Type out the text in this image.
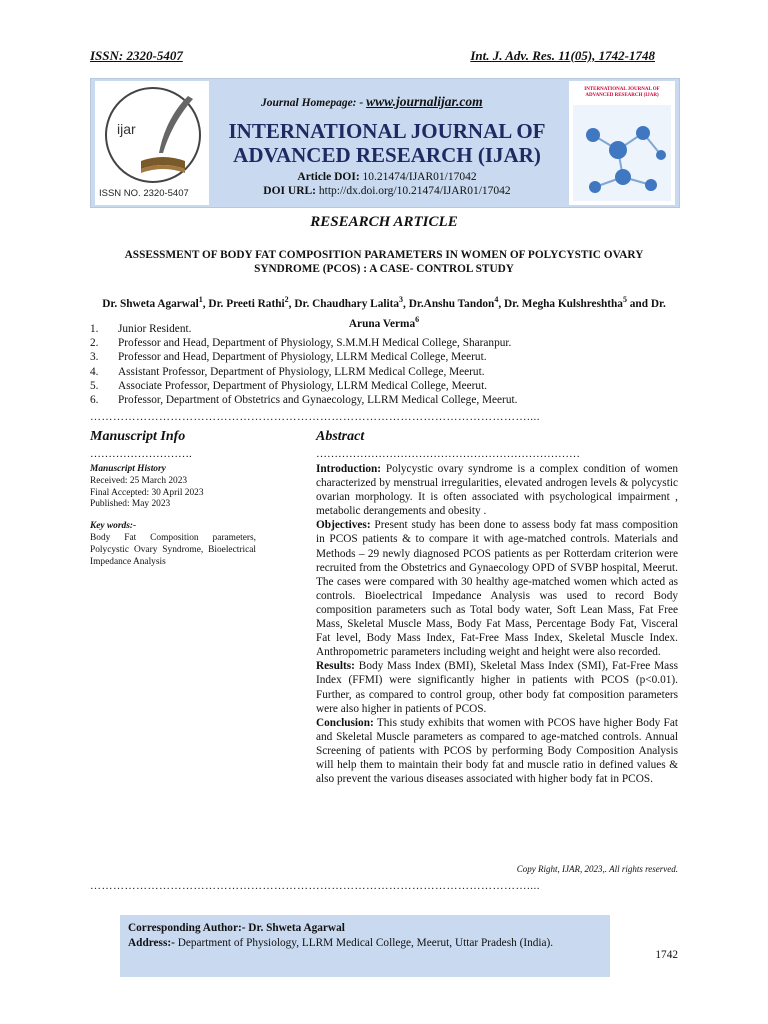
ISSN: 2320-5407	Int. J. Adv. Res. 11(05), 1742-1748
ijar
ISSN NO. 2320-5407
Journal Homepage: - www.journalijar.com
INTERNATIONAL JOURNAL OF
ADVANCED RESEARCH (IJAR)
Article DOI: 10.21474/IJAR01/17042
DOI URL: http://dx.doi.org/10.21474/IJAR01/17042
INTERNATIONAL JOURNAL OF ADVANCED RESEARCH (IJAR)
RESEARCH ARTICLE
ASSESSMENT OF BODY FAT COMPOSITION PARAMETERS IN WOMEN OF POLYCYSTIC OVARY
SYNDROME (PCOS) : A CASE- CONTROL STUDY
Dr. Shweta Agarwal$^1$, Dr. Preeti Rathi$^2$, Dr. Chaudhary Lalita$^3$, Dr.Anshu Tandon$^4$, Dr. Megha Kulshreshtha$^5$ and Dr. Aruna Verma$^6$
1. Junior Resident.
2. Professor and Head, Department of Physiology, S.M.M.H Medical College, Sharanpur.
3. Professor and Head, Department of Physiology, LLRM Medical College, Meerut.
4. Assistant Professor, Department of Physiology, LLRM Medical College, Meerut.
5. Associate Professor, Department of Physiology, LLRM Medical College, Meerut.
6. Professor, Department of Obstetrics and Gynaecology, LLRM Medical College, Meerut.
……………………………………………………………………………………………………....
Manuscript Info	Abstract
……………………….	………………………………………………………………
Manuscript History
Received: 25 March 2023
Final Accepted: 30 April 2023
Published: May 2023
Key words:-
Body Fat Composition parameters, Polycystic Ovary Syndrome, Bioelectrical Impedance Analysis

Introduction: Polycystic ovary syndrome is a complex condition of women characterized by menstrual irregularities, elevated androgen levels & polycystic ovarian morphology. It is often associated with psychological impairment , metabolic derangements and obesity .

Objectives: Present study has been done to assess body fat mass composition in PCOS patients & to compare it with age-matched controls. Materials and Methods – 29 newly diagnosed PCOS patients as per Rotterdam criterion were recruited from the Obstetrics and Gynaecology OPD of SVBP hospital, Meerut. The cases were compared with 30 healthy age-matched women which acted as controls. Bioelectrical Impedance Analysis was used to record Body composition parameters such as Total body water, Soft Lean Mass, Fat Free Mass, Skeletal Muscle Mass, Body Fat Mass, Percentage Body Fat, Visceral Fat level, Body Mass Index, Fat-Free Mass Index, Skeletal Muscle Index. Anthropometric parameters including weight and height were also recorded.

Results: Body Mass Index (BMI), Skeletal Mass Index (SMI), Fat-Free Mass Index (FFMI) were significantly higher in patients with PCOS (p<0.01). Further, as compared to control group, other body fat composition parameters were also higher in patients of PCOS.

Conclusion: This study exhibits that women with PCOS have higher Body Fat and Skeletal Muscle parameters as compared to age-matched controls. Annual Screening of patients with PCOS by performing Body Composition Analysis will help them to maintain their body fat and muscle ratio in defined values & also prevent the various diseases associated with higher body fat in PCOS.

Copy Right, IJAR, 2023,. All rights reserved.
……………………………………………………………………………………………………....
Corresponding Author:- Dr. Shweta Agarwal
Address:- Department of Physiology, LLRM Medical College, Meerut, Uttar Pradesh (India).
1742
